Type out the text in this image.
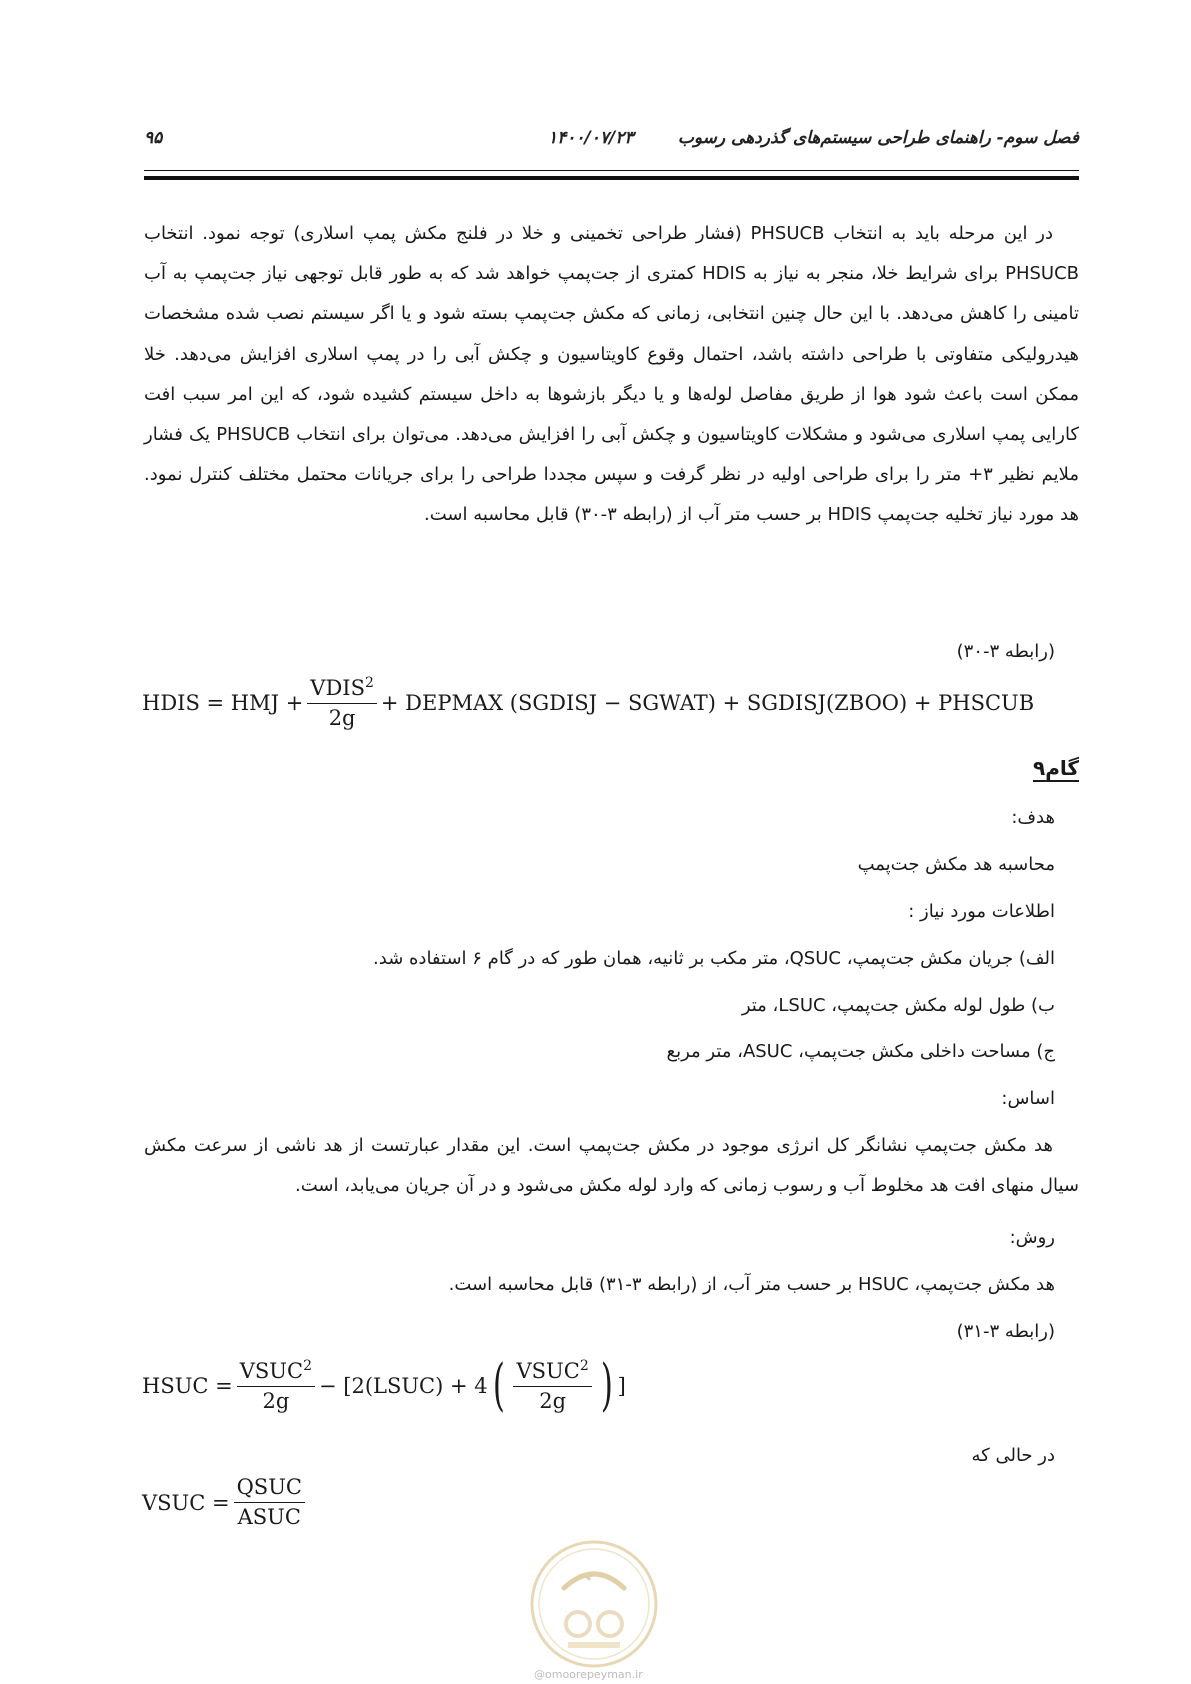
۹۵	۱۴۰۰/۰۷/۲۳	فصل سوم- راهنمای طراحی سیستم‌های گذردهی رسوب
در این مرحله باید به انتخاب PHSUCB (فشار طراحی تخمینی و خلا در فلنج مکش پمپ اسلاری) توجه نمود. انتخاب PHSUCB برای شرایط خلا، منجر به نیاز به HDIS کمتری از جت‌پمپ خواهد شد که به طور قابل توجهی نیاز جت‌پمپ به آب تامینی را کاهش می‌دهد. با این حال چنین انتخابی، زمانی که مکش جت‌پمپ بسته شود و یا اگر سیستم نصب شده مشخصات هیدرولیکی متفاوتی با طراحی داشته باشد، احتمال وقوع کاویتاسیون و چکش آبی را در پمپ اسلاری افزایش می‌دهد. خلا ممکن است باعث شود هوا از طریق مفاصل لوله‌ها و یا دیگر بازشوها به داخل سیستم کشیده شود، که این امر سبب افت کارایی پمپ اسلاری می‌شود و مشکلات کاویتاسیون و چکش آبی را افزایش می‌دهد. می‌توان برای انتخاب PHSUCB یک فشار ملایم نظیر ۳+ متر را برای طراحی اولیه در نظر گرفت و سپس مجددا طراحی را برای جریانات محتمل مختلف کنترل نمود. هد مورد نیاز تخلیه جت‌پمپ HDIS بر حسب متر آب از (رابطه ۳-۳۰) قابل محاسبه است.
(رابطه ۳-۳۰)
HDIS = HMJ + $\frac{VDIS^2}{2g}$ + DEPMAX (SGDISJ − SGWAT) + SGDISJ(ZBOO) + PHSCUB
گام۹
هدف:
محاسبه هد مکش جت‌پمپ
اطلاعات مورد نیاز :
الف) جریان مکش جت‌پمپ، QSUC، متر مکب بر ثانیه، همان طور که در گام ۶ استفاده شد.
ب) طول لوله مکش جت‌پمپ، LSUC، متر
ج) مساحت داخلی مکش جت‌پمپ، ASUC، متر مربع
اساس:
هد مکش جت‌پمپ نشانگر کل انرژی موجود در مکش جت‌پمپ است. این مقدار عبارتست از هد ناشی از سرعت مکش سیال منهای افت هد مخلوط آب و رسوب زمانی که وارد لوله مکش می‌شود و در آن جریان می‌یابد، است.
روش:
هد مکش جت‌پمپ، HSUC بر حسب متر آب، از (رابطه ۳-۳۱) قابل محاسبه است.
(رابطه ۳-۳۱)
HSUC = $\frac{VSUC^2}{2g}$ − [2(LSUC) + 4 ( $\frac{VSUC^2}{2g}$ ) ]
در حالی که
VSUC = $\frac{\text{QSUC}}{\text{ASUC}}$
@omoorepeyman.ir
